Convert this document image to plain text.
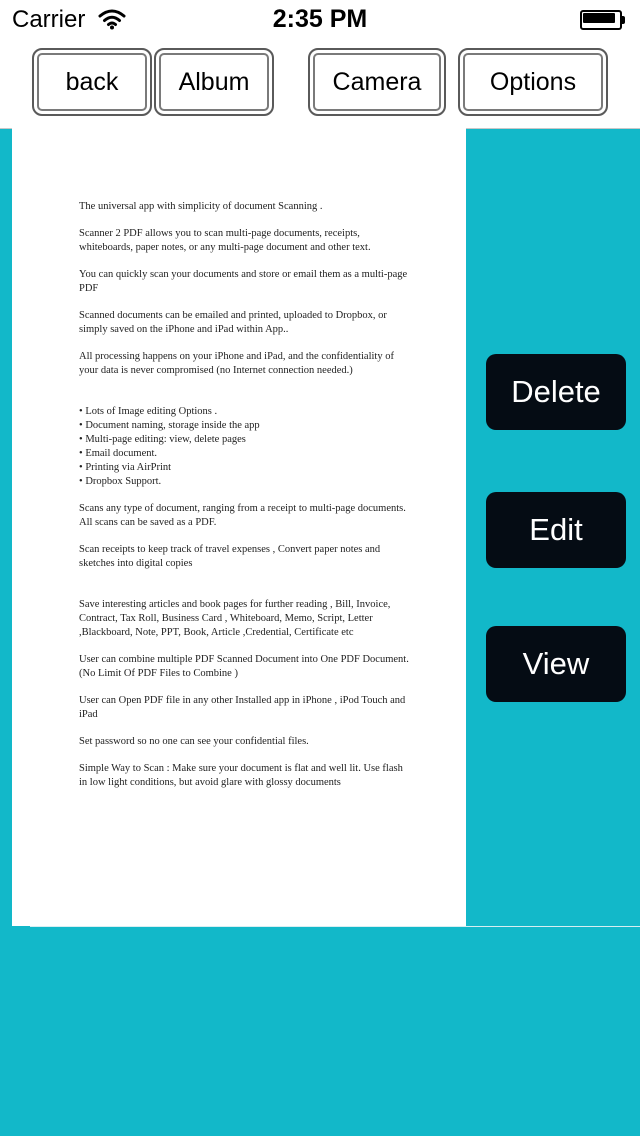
Carrier	2:35 PM
back	Album	Camera	Options

The universal app with simplicity of document Scanning .

Scanner 2 PDF allows you to scan multi-page documents, receipts, whiteboards, paper notes, or any multi-page document and other text.

You can quickly scan your documents and store or email them as a multi-page PDF

Scanned documents can be emailed and printed, uploaded to Dropbox, or simply saved on the iPhone and iPad within App..

All processing happens on your iPhone and iPad, and the confidentiality of your data is never compromised (no Internet connection needed.)

• Lots of Image editing Options .
• Document naming, storage inside the app
• Multi-page editing: view, delete pages
• Email document.
• Printing via AirPrint
• Dropbox Support.

Scans any type of document, ranging from a receipt to multi-page documents. All scans can be saved as a PDF.

Scan receipts to keep track of travel expenses , Convert paper notes and sketches into digital copies

Save interesting articles and book pages for further reading , Bill, Invoice, Contract, Tax Roll, Business Card , Whiteboard, Memo, Script, Letter ,Blackboard, Note, PPT, Book, Article ,Credential, Certificate etc

User can combine multiple PDF Scanned Document into One PDF Document. (No Limit Of PDF Files to Combine )

User can Open PDF file in any other Installed app in iPhone , iPod Touch and iPad

Set password so no one can see your confidential files.

Simple Way to Scan : Make sure your document is flat and well lit. Use flash in low light conditions, but avoid glare with glossy documents

Delete
Edit
View
